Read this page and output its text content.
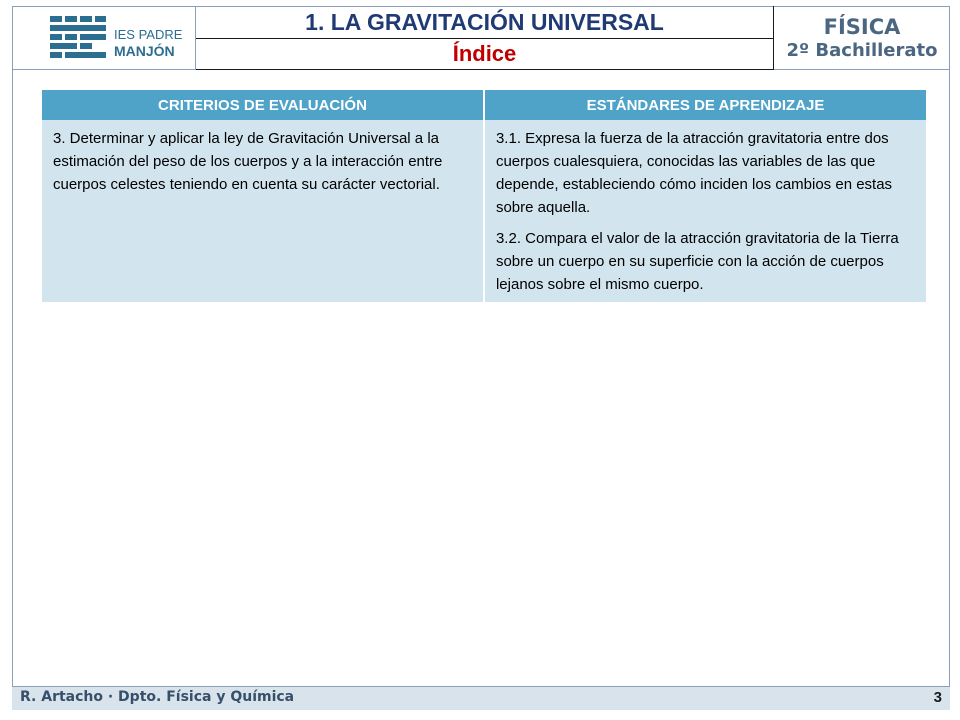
IES PADRE
MANJÓN
1. LA GRAVITACIÓN UNIVERSAL
Índice
FÍSICA
2º Bachillerato
CRITERIOS DE EVALUACIÓN	ESTÁNDARES DE APRENDIZAJE

3. Determinar y aplicar la ley de Gravitación Universal a la estimación del peso de los cuerpos y a la interacción entre cuerpos celestes teniendo en cuenta su carácter vectorial.	3.1. Expresa la fuerza de la atracción gravitatoria entre dos cuerpos cualesquiera, conocidas las variables de las que depende, estableciendo cómo inciden los cambios en estas sobre aquella.
3.2. Compara el valor de la atracción gravitatoria de la Tierra sobre un cuerpo en su superficie con la acción de cuerpos lejanos sobre el mismo cuerpo.
R. Artacho · Dpto. Física y Química	3
